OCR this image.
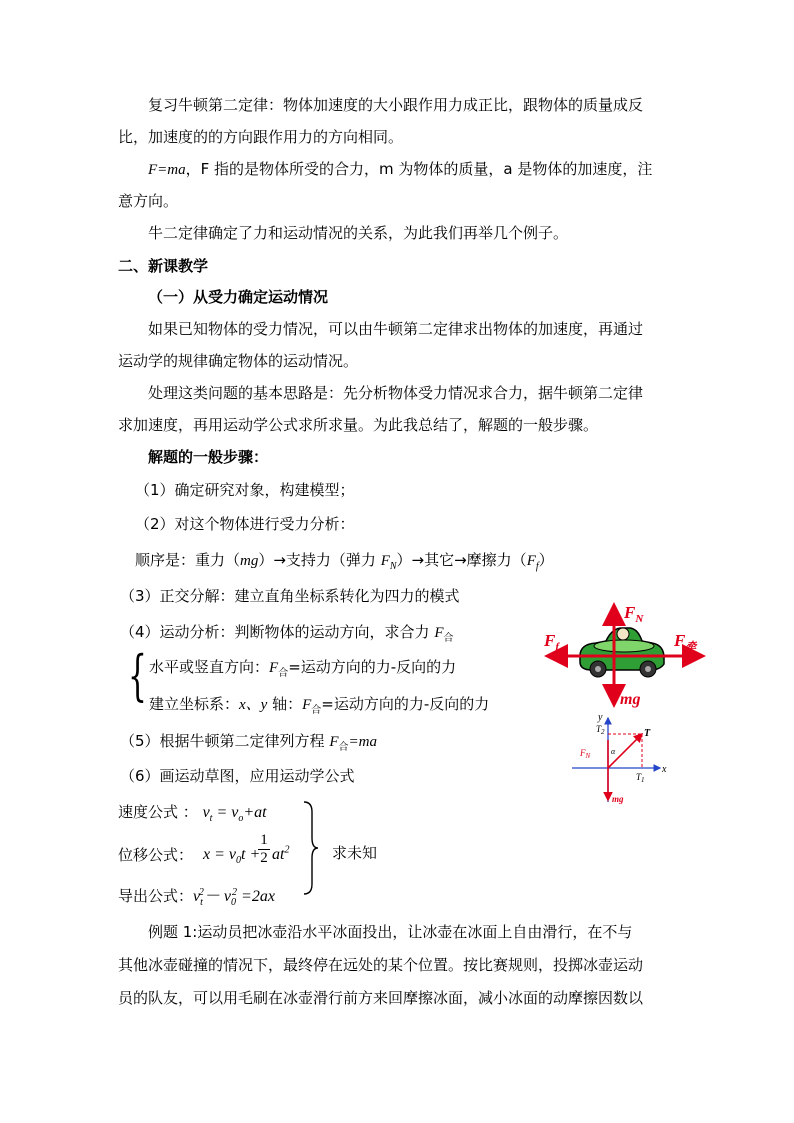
复习牛顿第二定律：物体加速度的大小跟作用力成正比，跟物体的质量成反
比，加速度的的方向跟作用力的方向相同。
F=ma，F 指的是物体所受的合力，m 为物体的质量，a 是物体的加速度，注
意方向。
牛二定律确定了力和运动情况的关系，为此我们再举几个例子。
二、新课教学
（一）从受力确定运动情况
如果已知物体的受力情况，可以由牛顿第二定律求出物体的加速度，再通过
运动学的规律确定物体的运动情况。
处理这类问题的基本思路是：先分析物体受力情况求合力，据牛顿第二定律
求加速度，再用运动学公式求所求量。为此我总结了，解题的一般步骤。
解题的一般步骤：
（1）确定研究对象，构建模型；
（2）对这个物体进行受力分析：
顺序是：重力（mg）→支持力（弹力 $F_N)\to$其它→摩擦力$(F_f)$
（3）正交分解：建立直角坐标系转化为四力的模式
（4）运动分析：判断物体的运动方向，求合力 $F_合$
{ 水平或竖直方向：$F_合=$运动方向的力-反向的力
建立坐标系：x、y 轴：$F_合=$运动方向的力-反向的力
（5）根据牛顿第二定律列方程 $F_合=ma$
（6）画运动草图，应用运动学公式
速度公式 ： $v_t = v_o+at$
位移公式： $x = v_0t$ +
1
2 $at^2$
导出公式：$v_t^2- v_0^2 =2ax$
求未知
例题 1:运动员把冰壶沿水平冰面投出，让冰壶在冰面上自由滑行，在不与
其他冰壶碰撞的情况下，最终停在远处的某个位置。按比赛规则，投掷冰壶运动
员的队友，可以用毛刷在冰壶滑行前方来回摩擦冰面，减小冰面的动摩擦因数以
$F_N$
$F_f$	$F_牵$
mg
y
x
T
$T_2$
$T_1$
$F_N$
mg
α
